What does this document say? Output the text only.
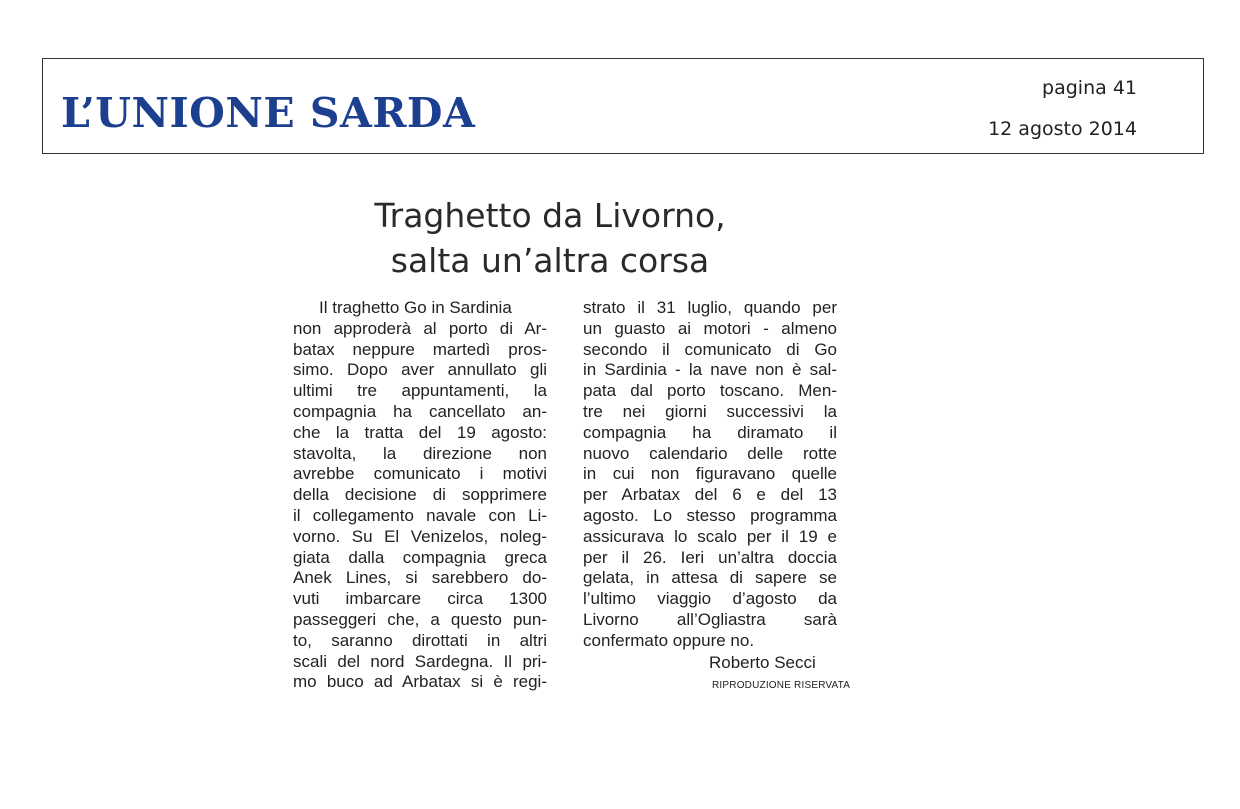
L’UNIONE SARDA
pagina 41
12 agosto 2014
Traghetto da Livorno,
salta un’altra corsa
Il traghetto Go in Sardinia
non approderà al porto di Ar-
batax neppure martedì pros-
simo. Dopo aver annullato gli
ultimi tre appuntamenti, la
compagnia ha cancellato an-
che la tratta del 19 agosto:
stavolta, la direzione non
avrebbe comunicato i motivi
della decisione di sopprimere
il collegamento navale con Li-
vorno. Su El Venizelos, noleg-
giata dalla compagnia greca
Anek Lines, si sarebbero do-
vuti imbarcare circa 1300
passeggeri che, a questo pun-
to, saranno dirottati in altri
scali del nord Sardegna. Il pri-
mo buco ad Arbatax si è regi-
strato il 31 luglio, quando per
un guasto ai motori - almeno
secondo il comunicato di Go
in Sardinia - la nave non è sal-
pata dal porto toscano. Men-
tre nei giorni successivi la
compagnia ha diramato il
nuovo calendario delle rotte
in cui non figuravano quelle
per Arbatax del 6 e del 13
agosto. Lo stesso programma
assicurava lo scalo per il 19 e
per il 26. Ieri un’altra doccia
gelata, in attesa di sapere se
l’ultimo viaggio d’agosto da
Livorno all’Ogliastra sarà
confermato oppure no.
Roberto Secci
RIPRODUZIONE RISERVATA
